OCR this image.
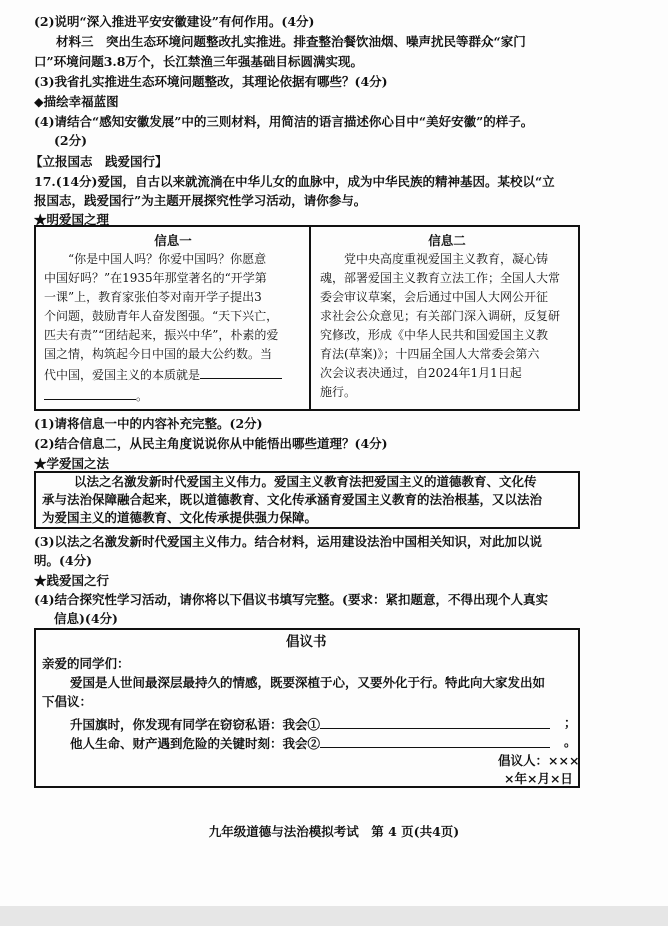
(2)说明“深入推进平安安徽建设”有何作用。(4分)
材料三　突出生态环境问题整改扎实推进。排查整治餐饮油烟、噪声扰民等群众“家门
口”环境问题3.8万个，长江禁渔三年强基础目标圆满实现。
(3)我省扎实推进生态环境问题整改，其理论依据有哪些？(4分)
◆描绘幸福蓝图
(4)请结合“感知安徽发展”中的三则材料，用简洁的语言描述你心目中“美好安徽”的样子。
(2分)
【立报国志　践爱国行】
17.(14分)爱国，自古以来就流淌在中华儿女的血脉中，成为中华民族的精神基因。某校以“立
报国志，践爱国行”为主题开展探究性学习活动，请你参与。
★明爱国之理
信息一

“你是中国人吗？你爱中国吗？你愿意

中国好吗？”在1935年那堂著名的“开学第

一课”上，教育家张伯苓对南开学子提出3

个问题，鼓励青年人奋发图强。“天下兴亡，

匹夫有责”“团结起来，振兴中华”，朴素的爱

国之情，构筑起今日中国的最大公约数。当

代中国，爱国主义的本质就是

。

信息二

党中央高度重视爱国主义教育，凝心铸

魂，部署爱国主义教育立法工作；全国人大常

委会审议草案，会后通过中国人大网公开征

求社会公众意见；有关部门深入调研，反复研

究修改，形成《中华人民共和国爱国主义教

育法(草案)》；十四届全国人大常委会第六

次会议表决通过，自2024年1月1日起

施行。

(1)请将信息一中的内容补充完整。(2分)
(2)结合信息二，从民主角度说说你从中能悟出哪些道理？(4分)
★学爱国之法
以法之名激发新时代爱国主义伟力。爱国主义教育法把爱国主义的道德教育、文化传
承与法治保障融合起来，既以道德教育、文化传承涵育爱国主义教育的法治根基，又以法治
为爱国主义的道德教育、文化传承提供强力保障。
(3)以法之名激发新时代爱国主义伟力。结合材料，运用建设法治中国相关知识，对此加以说
明。(4分)
★践爱国之行
(4)结合探究性学习活动，请你将以下倡议书填写完整。(要求：紧扣题意，不得出现个人真实
信息)(4分)
倡议书
亲爱的同学们：
爱国是人世间最深层最持久的情感，既要深植于心，又要外化于行。特此向大家发出如
下倡议：
升国旗时，你发现有同学在窃窃私语：我会①	；
他人生命、财产遇到危险的关键时刻：我会②	。
倡议人：×××
×年×月×日
九年级道德与法治模拟考试　第 4 页(共4页)
